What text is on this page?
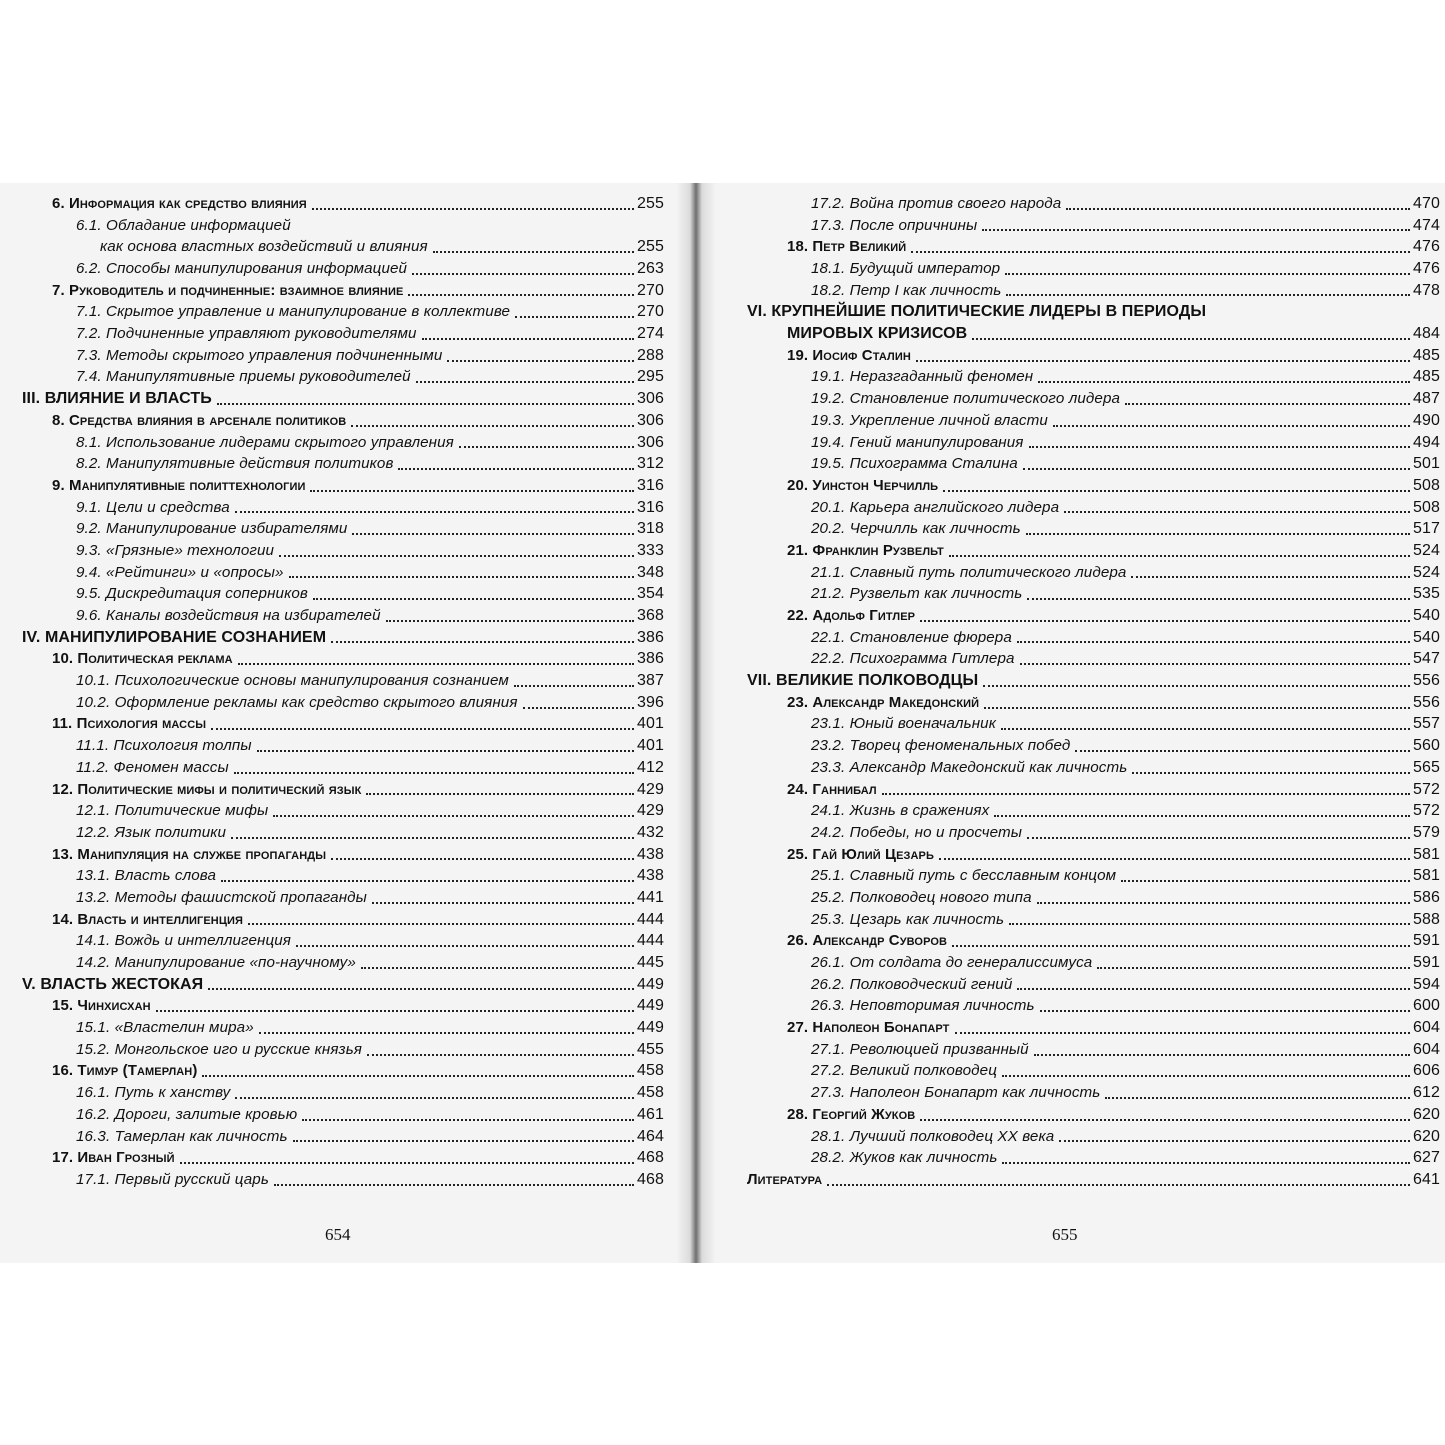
6. Информация как средство влияния	255
6.1. Обладание информацией
как основа властных воздействий и влияния	255
6.2. Способы манипулирования информацией	263
7. Руководитель и подчиненные: взаимное влияние	270
7.1. Скрытое управление и манипулирование в коллективе	270
7.2. Подчиненные управляют руководителями	274
7.3. Методы скрытого управления подчиненными	288
7.4. Манипулятивные приемы руководителей	295
III. ВЛИЯНИЕ И ВЛАСТЬ	306
8. Средства влияния в арсенале политиков	306
8.1. Использование лидерами скрытого управления	306
8.2. Манипулятивные действия политиков	312
9. Манипулятивные политтехнологии	316
9.1. Цели и средства	316
9.2. Манипулирование избирателями	318
9.3. «Грязные» технологии	333
9.4. «Рейтинги» и «опросы»	348
9.5. Дискредитация соперников	354
9.6. Каналы воздействия на избирателей	368
IV. МАНИПУЛИРОВАНИЕ СОЗНАНИЕМ	386
10. Политическая реклама	386
10.1. Психологические основы манипулирования сознанием	387
10.2. Оформление рекламы как средство скрытого влияния	396
11. Психология массы	401
11.1. Психология толпы	401
11.2. Феномен массы	412
12. Политические мифы и политический язык	429
12.1. Политические мифы	429
12.2. Язык политики	432
13. Манипуляция на службе пропаганды	438
13.1. Власть слова	438
13.2. Методы фашистской пропаганды	441
14. Власть и интеллигенция	444
14.1. Вождь и интеллигенция	444
14.2. Манипулирование «по-научному»	445
V. ВЛАСТЬ ЖЕСТОКАЯ	449
15. Чинхисхан	449
15.1. «Властелин мира»	449
15.2. Монгольское иго и русские князья	455
16. Тимур (Тамерлан)	458
16.1. Путь к ханству	458
16.2. Дороги, залитые кровью	461
16.3. Тамерлан как личность	464
17. Иван Грозный	468
17.1. Первый русский царь	468
654
17.2. Война против своего народа	470
17.3. После опричнины	474
18. Петр Великий	476
18.1. Будущий император	476
18.2. Петр I как личность	478
VI. КРУПНЕЙШИЕ ПОЛИТИЧЕСКИЕ ЛИДЕРЫ В ПЕРИОДЫ
МИРОВЫХ КРИЗИСОВ	484
19. Иосиф Сталин	485
19.1. Неразгаданный феномен	485
19.2. Становление политического лидера	487
19.3. Укрепление личной власти	490
19.4. Гений манипулирования	494
19.5. Психограмма Сталина	501
20. Уинстон Черчилль	508
20.1. Карьера английского лидера	508
20.2. Черчилль как личность	517
21. Франклин Рузвельт	524
21.1. Славный путь политического лидера	524
21.2. Рузвельт как личность	535
22. Адольф Гитлер	540
22.1. Становление фюрера	540
22.2. Психограмма Гитлера	547
VII. ВЕЛИКИЕ ПОЛКОВОДЦЫ	556
23. Александр Македонский	556
23.1. Юный военачальник	557
23.2. Творец феноменальных побед	560
23.3. Александр Македонский как личность	565
24. Ганнибал	572
24.1. Жизнь в сражениях	572
24.2. Победы, но и просчеты	579
25. Гай Юлий Цезарь	581
25.1. Славный путь с бесславным концом	581
25.2. Полководец нового типа	586
25.3. Цезарь как личность	588
26. Александр Суворов	591
26.1. От солдата до генералиссимуса	591
26.2. Полководческий гений	594
26.3. Неповторимая личность	600
27. Наполеон Бонапарт	604
27.1. Революцией призванный	604
27.2. Великий полководец	606
27.3. Наполеон Бонапарт как личность	612
28. Георгий Жуков	620
28.1. Лучший полководец XX века	620
28.2. Жуков как личность	627
Литература	641
655
